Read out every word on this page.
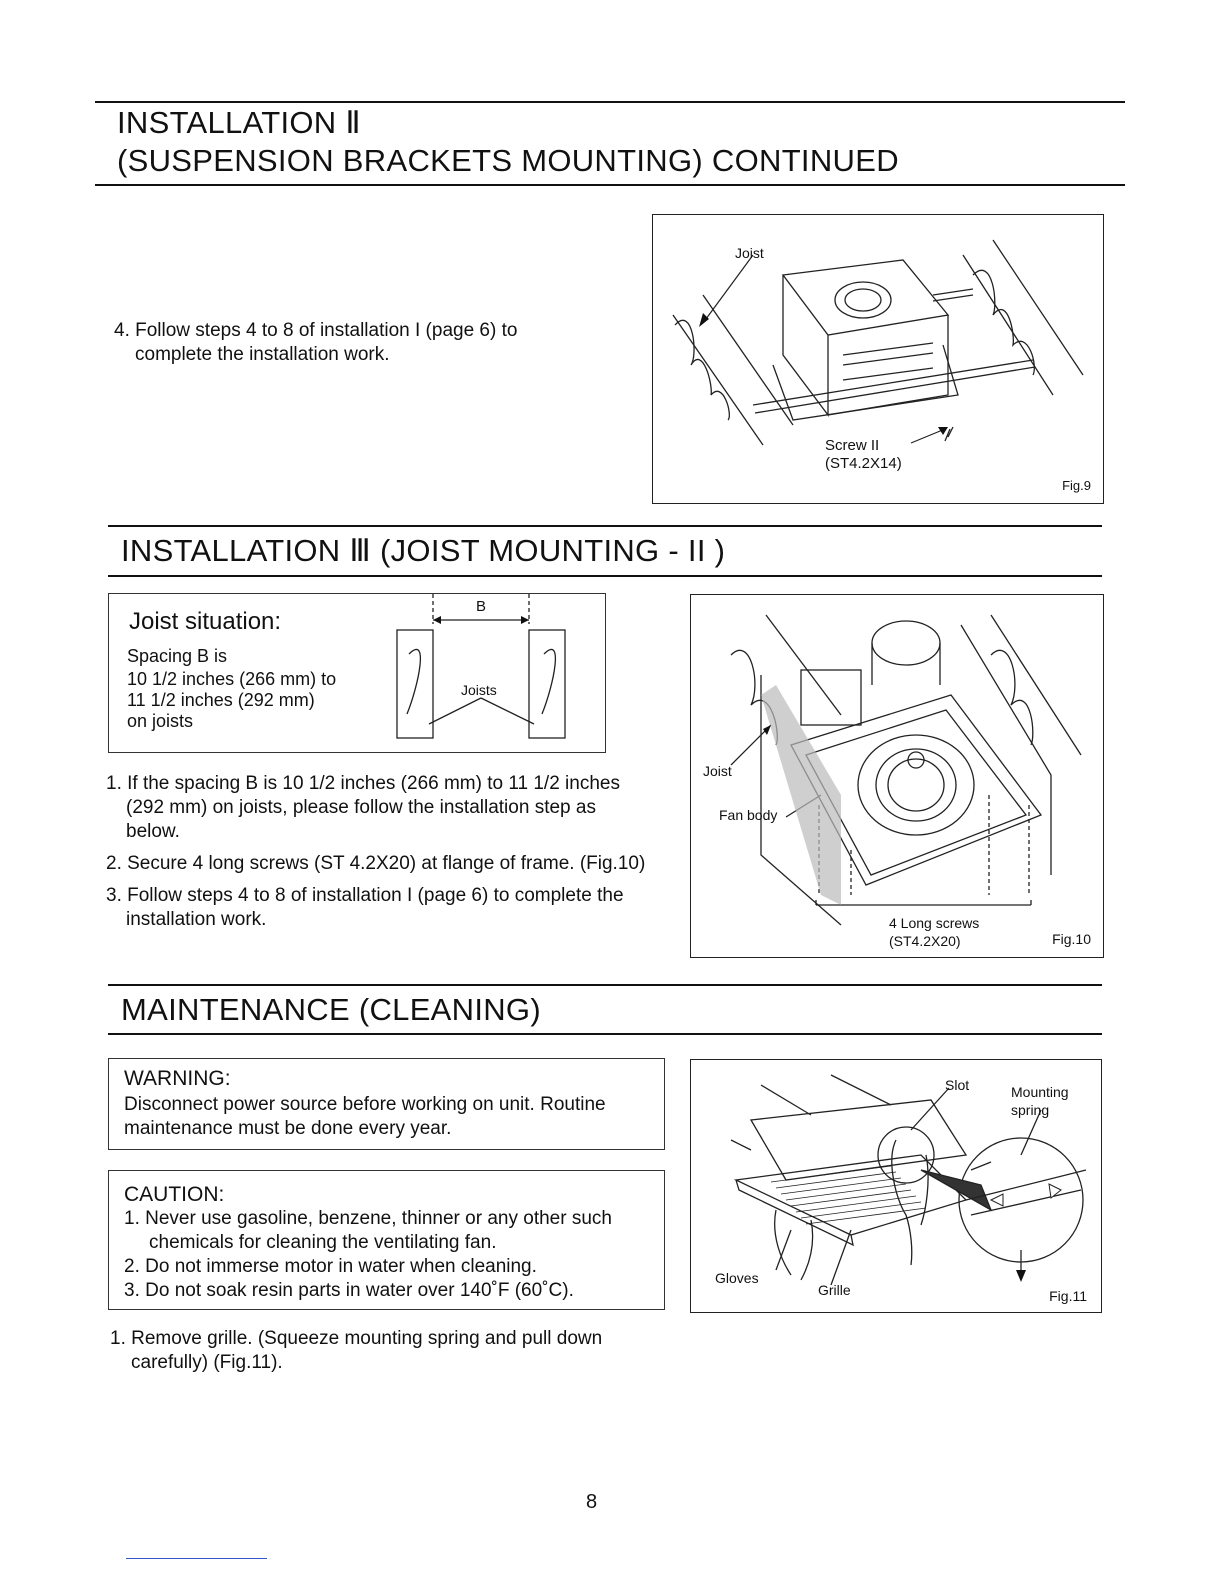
INSTALLATION Ⅱ
(SUSPENSION BRACKETS MOUNTING) CONTINUED
4. Follow steps 4 to 8 of installation I (page 6) to
complete the installation work.
Joist
Screw II
(ST4.2X14)
Fig.9
INSTALLATION Ⅲ (JOIST MOUNTING - II )
Joist situation:
Spacing B is
10 1/2 inches (266 mm) to
11 1/2 inches (292 mm)
on joists
B
Joists
1. If the spacing B is 10 1/2 inches (266 mm) to 11 1/2 inches (292 mm) on joists, please follow the installation step as below.
2. Secure 4 long screws (ST 4.2X20) at flange of frame. (Fig.10)
3. Follow steps 4 to 8 of installation I (page 6) to complete the installation work.
Joist
Fan body
4 Long screws
(ST4.2X20)	Fig.10
MAINTENANCE (CLEANING)
WARNING:
Disconnect power source before working on unit. Routine maintenance must be done every year.
CAUTION:
1. Never use gasoline, benzene, thinner or any other such chemicals for cleaning the ventilating fan.
2. Do not immerse motor in water when cleaning.
3. Do not soak resin parts in water over 140˚F (60˚C).
1. Remove grille. (Squeeze mounting spring and pull down carefully) (Fig.11).
Slot	Mounting
spring
Gloves
Grille	Fig.11
8
